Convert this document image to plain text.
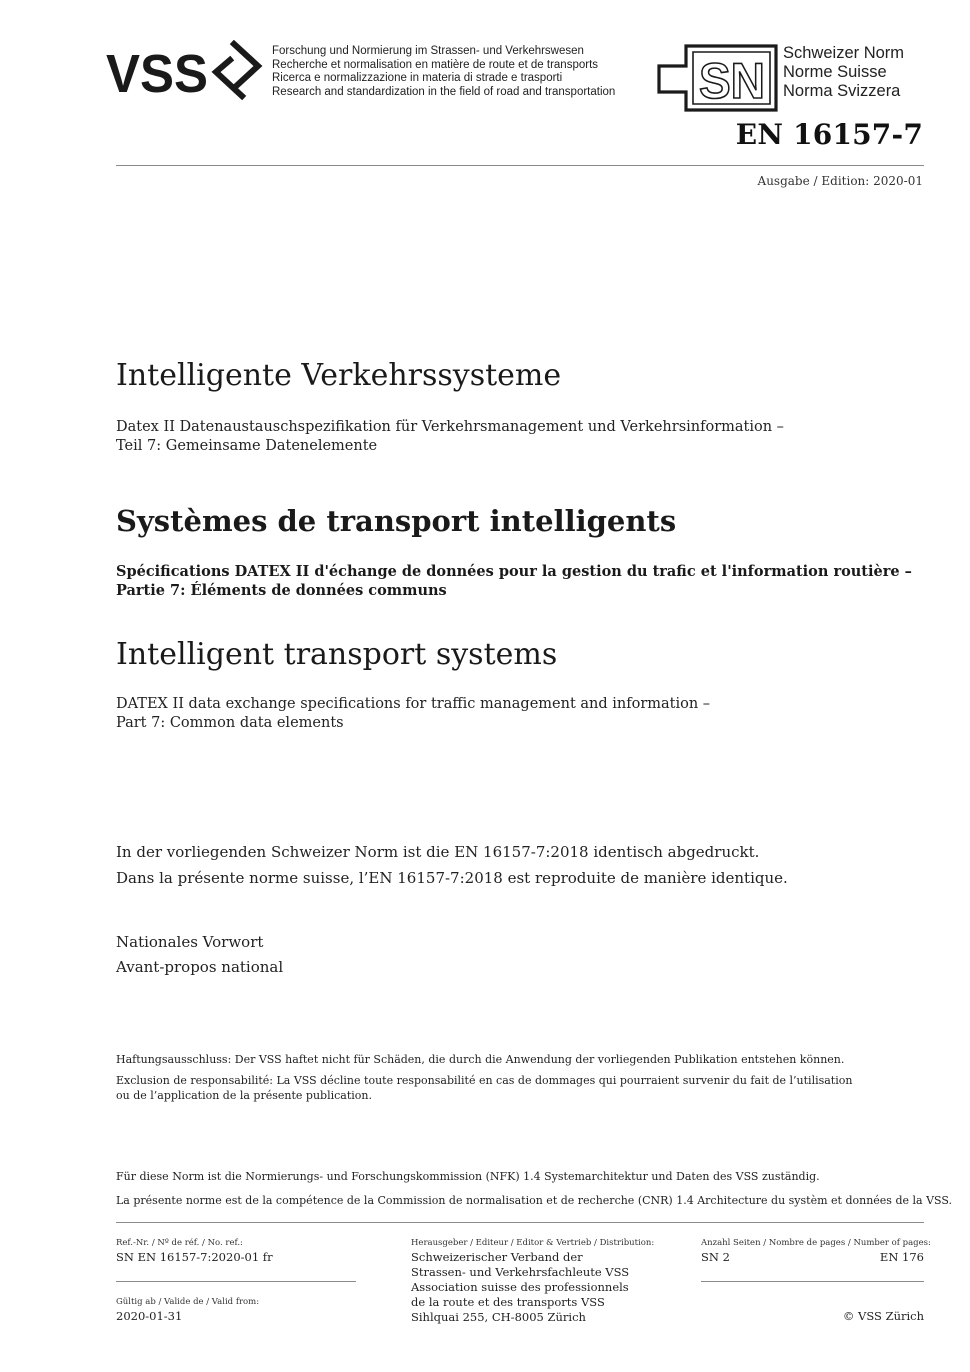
VSS	Forschung und Normierung im Strassen- und Verkehrswesen
Recherche et normalisation en matière de route et de transports
Ricerca e normalizzazione in materia di strade e trasporti
Research and standardization in the field of road and transportation SN Schweizer Norm
Norme Suisse
Norma Svizzera
EN 16157-7
Ausgabe / Edition: 2020-01
Intelligente Verkehrssysteme
Datex II Datenaustauschspezifikation für Verkehrsmanagement und Verkehrsinformation –
Teil 7: Gemeinsame Datenelemente
Systèmes de transport intelligents
Spécifications DATEX II d'échange de données pour la gestion du trafic et l'information routière –
Partie 7: Éléments de données communs
Intelligent transport systems
DATEX II data exchange specifications for traffic management and information –
Part 7: Common data elements
In der vorliegenden Schweizer Norm ist die EN 16157-7:2018 identisch abgedruckt.
Dans la présente norme suisse, l’EN 16157-7:2018 est reproduite de manière identique.
Nationales Vorwort
Avant-propos national
Haftungsausschluss: Der VSS haftet nicht für Schäden, die durch die Anwendung der vorliegenden Publikation entstehen können.
Exclusion de responsabilité: La VSS décline toute responsabilité en cas de dommages qui pourraient survenir du fait de l’utilisation
ou de l’application de la présente publication.
Für diese Norm ist die Normierungs- und Forschungskommission (NFK) 1.4 Systemarchitektur und Daten des VSS zuständig.
La présente norme est de la compétence de la Commission de normalisation et de recherche (CNR) 1.4 Architecture du systèm et données de la VSS.
Ref.-Nr. / Nº de réf. / No. ref.:
SN EN 16157-7:2020-01 fr
Gültig ab / Valide de / Valid from:
2020-01-31
Herausgeber / Editeur / Editor & Vertrieb / Distribution:
Schweizerischer Verband der
Strassen- und Verkehrsfachleute VSS
Association suisse des professionnels
de la route et des transports VSS
Sihlquai 255, CH-8005 Zürich
Anzahl Seiten / Nombre de pages / Number of pages:
SN 2	EN 176
© VSS Zürich
